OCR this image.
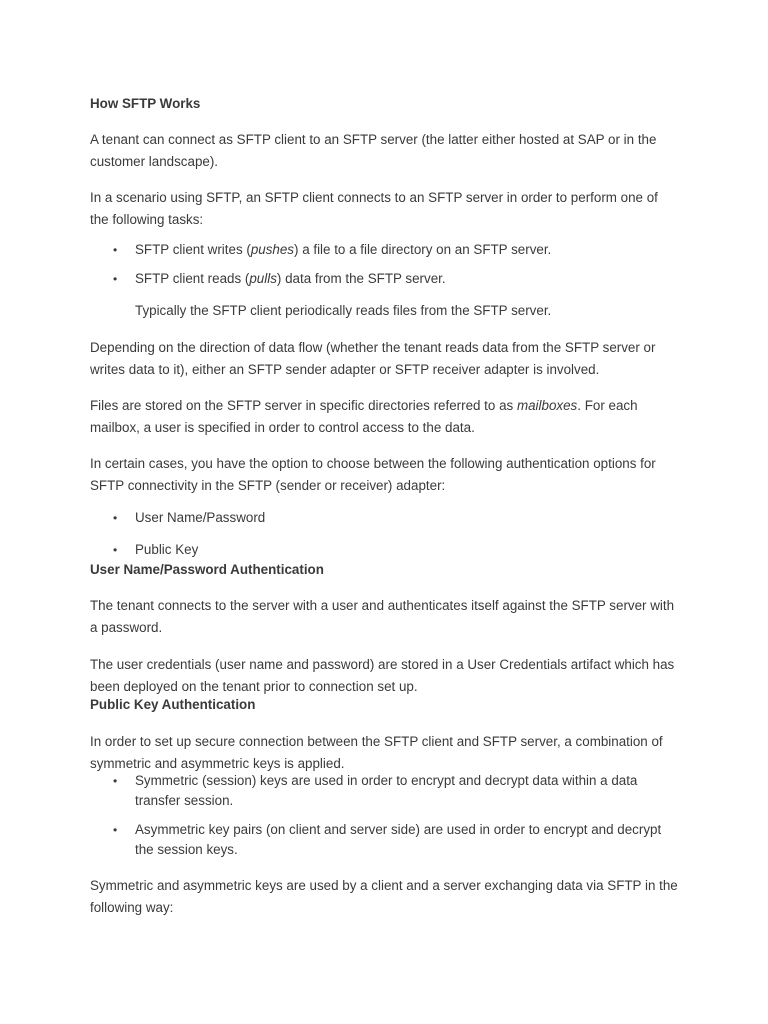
How SFTP Works

A tenant can connect as SFTP client to an SFTP server (the latter either hosted at SAP or in the customer landscape).

In a scenario using SFTP, an SFTP client connects to an SFTP server in order to perform one of the following tasks:

•	SFTP client writes (pushes) a file to a file directory on an SFTP server.

•	SFTP client reads (pulls) data from the SFTP server.

Typically the SFTP client periodically reads files from the SFTP server.

Depending on the direction of data flow (whether the tenant reads data from the SFTP server or writes data to it), either an SFTP sender adapter or SFTP receiver adapter is involved.

Files are stored on the SFTP server in specific directories referred to as mailboxes. For each mailbox, a user is specified in order to control access to the data.

In certain cases, you have the option to choose between the following authentication options for SFTP connectivity in the SFTP (sender or receiver) adapter:

•	User Name/Password

•	Public Key

User Name/Password Authentication

The tenant connects to the server with a user and authenticates itself against the SFTP server with a password.

The user credentials (user name and password) are stored in a User Credentials artifact which has been deployed on the tenant prior to connection set up.

Public Key Authentication

In order to set up secure connection between the SFTP client and SFTP server, a combination of symmetric and asymmetric keys is applied.

•	Symmetric (session) keys are used in order to encrypt and decrypt data within a data transfer session.

•	Asymmetric key pairs (on client and server side) are used in order to encrypt and decrypt the session keys.

Symmetric and asymmetric keys are used by a client and a server exchanging data via SFTP in the following way:
